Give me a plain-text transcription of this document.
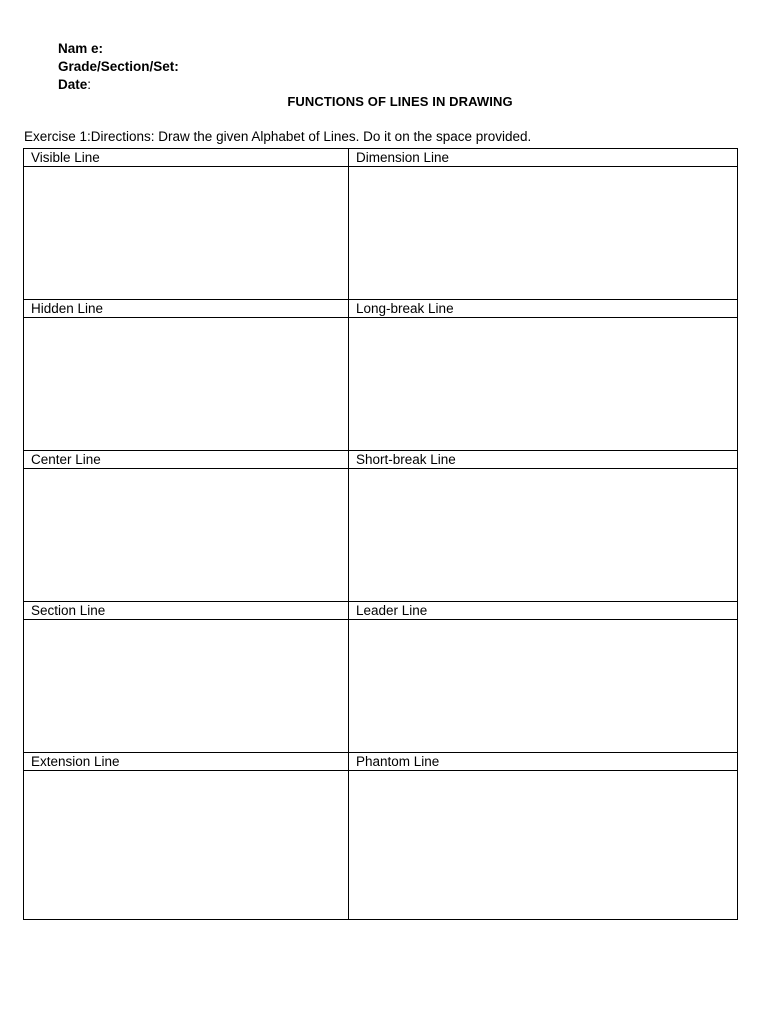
Nam e:
Grade/Section/Set:
Date:
FUNCTIONS OF LINES IN DRAWING
Exercise 1:Directions: Draw the given Alphabet of Lines. Do it on the space provided.
Visible Line	Dimension Line

Hidden Line	Long-break Line

Center Line	Short-break Line

Section Line	Leader Line

Extension Line	Phantom Line
